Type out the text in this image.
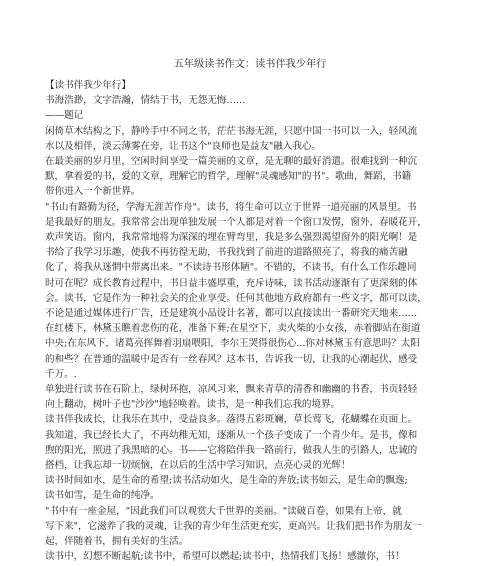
五年级读书作文：读书伴我少年行
【读书伴我少年行】
书海浩渺，文字浩瀚，情结于书，无怨无悔……
——题记
闲倚草木结构之下，静吟手中不同之书，茫茫书海无涯，只愿中国一书可以一入，轻风流
水以及相伴，淡云薄雾在旁，让书这个"良师也是益友"融入我心。
在最美丽的岁月里，空闲时间享受一篇美丽的文章，是无聊的最好消遣。很难找到一种沉
默，拿着爱的书，爱的文章，理解它的哲学，理解"灵魂感知"的书"。歌曲，舞蹈，书籍
带你进入一个新世界。
"书山有路勤为径，学海无涯苦作舟"。读书，将生命可以立于世界一道亮丽的风景里。书
是我最好的朋友。我常常会出现单独发展一个人都是对着一个窗口发愣，窗外，春暖花开，
欢声笑语。窗内，我常常地将为深深的埋在臂弯里，我是多么强烈渴望窗外的阳光啊！是
书给了我学习乐趣，使我不再彷徨无助，书我找到了前进的道路照亮了，将我的痛苦融
化了，将我从迷惘中带离出来。"不读诗书形体陋"。不错的，不读书，有什么工作乐趣同
时可在呢？成长教育过程中，书日益丰盛厚重，充斥诗味，读书活动逐渐有了更深刻的体
会。读书，它是作为一种社会关的企业享受。任何其他地方政府都有一些文字，都可以读，
不论是通过媒体进行广告，还是建筑小品设计名著，都可以直接读出一番研究天地来……
在红楼下，林黛玉瞧着悲伤的花，准备下葬;在星空下，卖火柴的小女孩，赤着脚站在街道
中央;在东风下，诸葛亮挥舞着羽扇喂阳，李尔王哭得很伤心...你对林黛玉有意思吗？太阳
的和些？在普通的温暖中是否有一丝春风？这本书，告诉我一切，让我的心潮起伏，感受
千万。.
单独进行读书在石阶上，绿树环抱，凉风习来，飘来青草的清香和幽幽的书香，书页轻轻
向上翻动，树叶子也"沙沙"地轻唤着。读书，是一种我们忘我的境界。
读书伴我成长，让我乐在其中，受益良多。落得五彩斑斓，草长莺飞，花蝴蝶在页面上。
我知道，我已经长大了，不再幼稚无知，逐渐从一个孩子变成了一个青少年。是书，像和
煦的阳光，照进了我黑暗的心。书——它将陪伴我一路前行，做我人生的引路人，忠诚的
搭档，让我忘却一切烦恼，在以后的生活中学习知识，点亮心灵的光辉！
读书时间如水，是生命的希望;读书活动如火，是生命的奔放;读书如云，是生命的飘逸;
读书如雪，是生命的纯净。
"书中有一座金屋，"因此我们可以观赏大千世界的美丽。"读破百卷，如果有上帝，就
写下来"，它滋养了我的灵魂，让我的青少年生活更充实，更高兴。让我们把书作为朋友一
起，伴随着书，拥有美好的生活。
读书中，幻想不断起航;读书中，希望可以燃起;读书中，热情我们飞扬！感激你，书！
